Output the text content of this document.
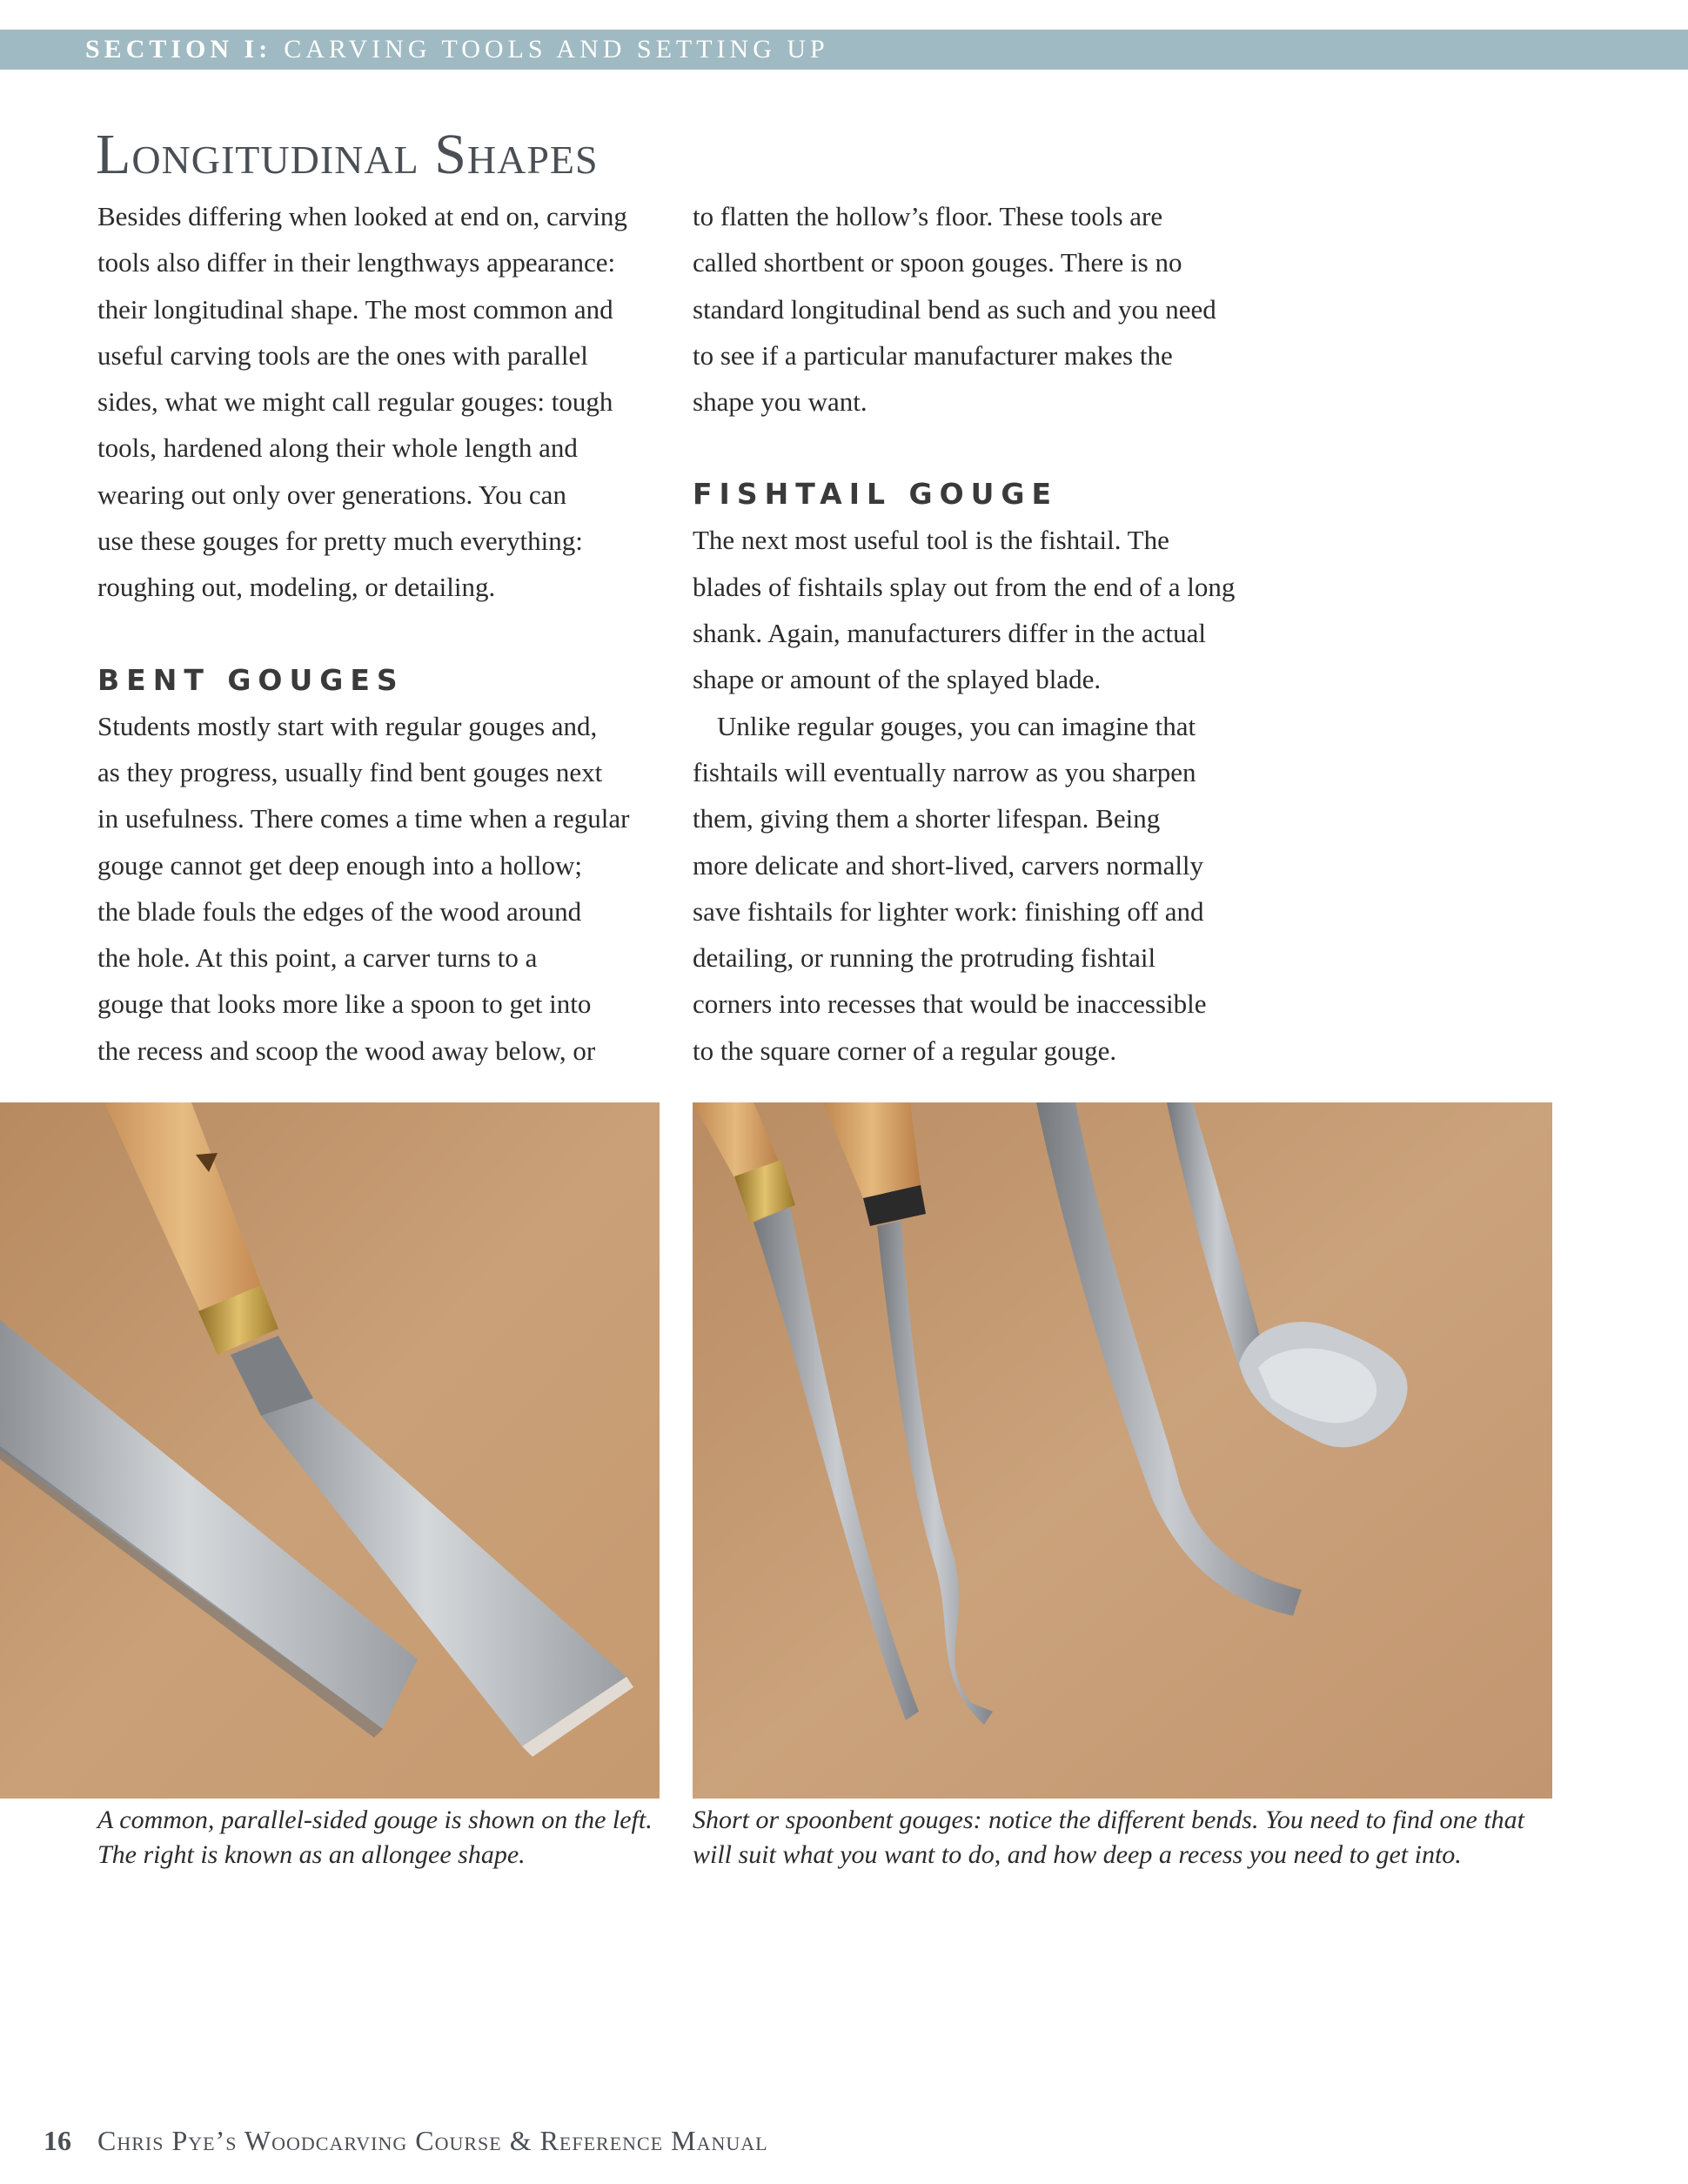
SECTION I: CARVING TOOLS AND SETTING UP
Longitudinal Shapes

Besides differing when looked at end on, carving

tools also differ in their lengthways appearance:

their longitudinal shape. The most common and

useful carving tools are the ones with parallel

sides, what we might call regular gouges: tough

tools, hardened along their whole length and

wearing out only over generations. You can

use these gouges for pretty much everything:

roughing out, modeling, or detailing.

BENT GOUGES

Students mostly start with regular gouges and,

as they progress, usually find bent gouges next

in usefulness. There comes a time when a regular

gouge cannot get deep enough into a hollow;

the blade fouls the edges of the wood around

the hole. At this point, a carver turns to a

gouge that looks more like a spoon to get into

the recess and scoop the wood away below, or

to flatten the hollow’s floor. These tools are

called shortbent or spoon gouges. There is no

standard longitudinal bend as such and you need

to see if a particular manufacturer makes the

shape you want.

FISHTAIL GOUGE

The next most useful tool is the fishtail. The

blades of fishtails splay out from the end of a long

shank. Again, manufacturers differ in the actual

shape or amount of the splayed blade.

Unlike regular gouges, you can imagine that

fishtails will eventually narrow as you sharpen

them, giving them a shorter lifespan. Being

more delicate and short-lived, carvers normally

save fishtails for lighter work: finishing off and

detailing, or running the protruding fishtail

corners into recesses that would be inaccessible

to the square corner of a regular gouge.

A common, parallel-sided gouge is shown on the left.
The right is known as an allongee shape.
Short or spoonbent gouges: notice the different bends. You need to find one that
will suit what you want to do, and how deep a recess you need to get into.
16 Chris Pye’s Woodcarving Course & Reference Manual
